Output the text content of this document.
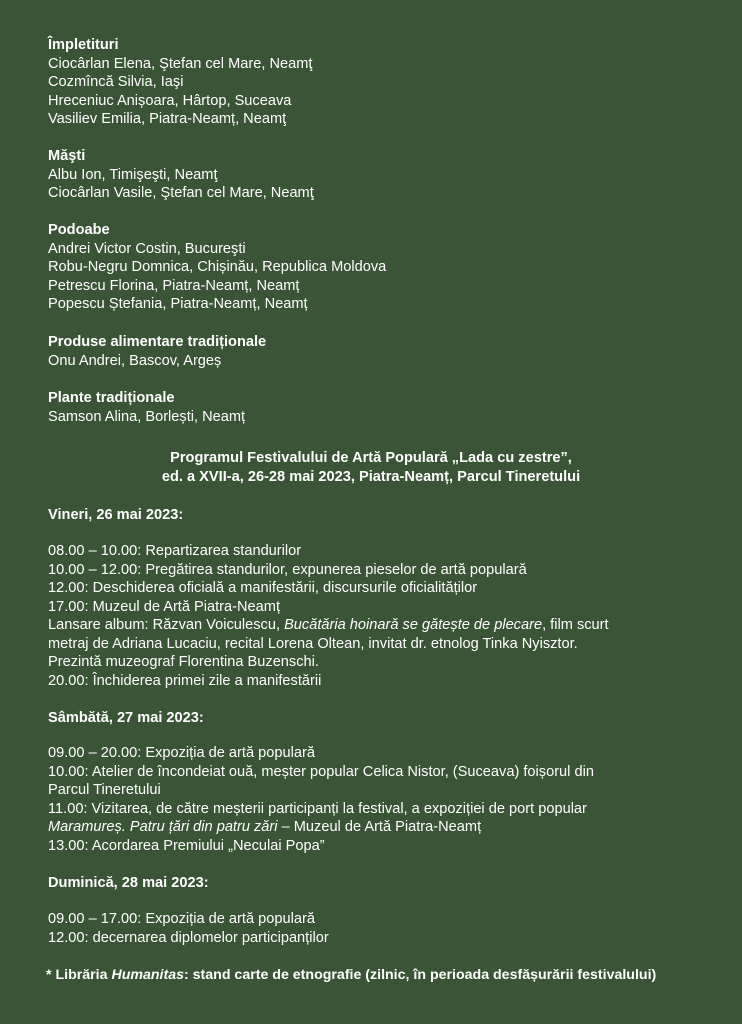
Împletituri
Ciocârlan Elena, Ştefan cel Mare, Neamţ
Cozmîncă Silvia, Iaşi
Hreceniuc Anișoara, Hârtop, Suceava
Vasiliev Emilia, Piatra-Neamț, Neamţ
Măşti
Albu Ion, Timişeşti, Neamţ
Ciocârlan Vasile, Ştefan cel Mare, Neamţ
Podoabe
Andrei Victor Costin, Bucureşti
Robu-Negru Domnica, Chișinău, Republica Moldova
Petrescu Florina, Piatra-Neamț, Neamț
Popescu Ștefania, Piatra-Neamț, Neamț
Produse alimentare tradiționale
Onu Andrei, Bascov, Argeș
Plante tradiționale
Samson Alina, Borlești, Neamț
Programul Festivalului de Artă Populară „Lada cu zestre”,
ed. a XVII-a, 26-28 mai 2023, Piatra-Neamț, Parcul Tineretului
Vineri, 26 mai 2023:
08.00 – 10.00: Repartizarea standurilor
10.00 – 12.00: Pregătirea standurilor, expunerea pieselor de artă populară
12.00: Deschiderea oficială a manifestării, discursurile oficialităților
17.00: Muzeul de Artă Piatra-Neamț
Lansare album: Răzvan Voiculescu, Bucătăria hoinară se gătește de plecare, film scurt
metraj de Adriana Lucaciu, recital Lorena Oltean, invitat dr. etnolog Tinka Nyisztor.
Prezintă muzeograf Florentina Buzenschi.
20.00: Închiderea primei zile a manifestării
Sâmbătă, 27 mai 2023:
09.00 – 20.00: Expoziția de artă populară
10.00: Atelier de încondeiat ouă, meșter popular Celica Nistor, (Suceava) foișorul din
Parcul Tineretului
11.00: Vizitarea, de către meșterii participanți la festival, a expoziției de port popular
Maramureș. Patru țări din patru zări – Muzeul de Artă Piatra-Neamț
13.00: Acordarea Premiului „Neculai Popa”
Duminică, 28 mai 2023:
09.00 – 17.00: Expoziția de artă populară
12.00: decernarea diplomelor participanților
* Librăria Humanitas: stand carte de etnografie (zilnic, în perioada desfășurării festivalului)
